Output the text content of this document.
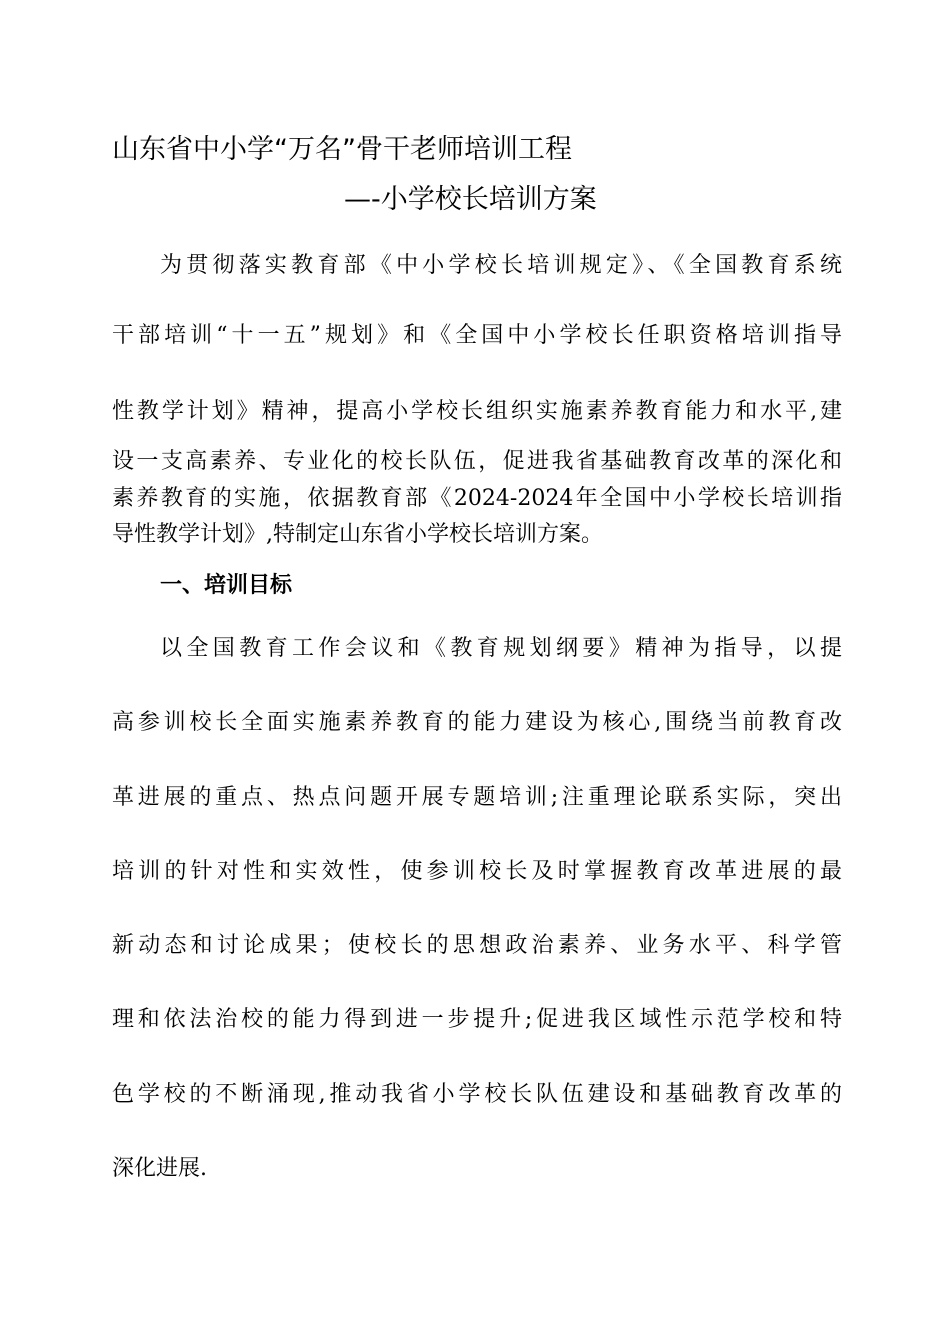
山东省中小学“万名”骨干老师培训工程
—-小学校长培训方案
为贯彻落实教育部《中小学校长培训规定》、《全国教育系统
干部培训“十一五”规划》和《全国中小学校长任职资格培训指导
性教学计划》精神，提高小学校长组织实施素养教育能力和水平,建
设一支高素养、专业化的校长队伍，促进我省基础教育改革的深化和
素养教育的实施，依据教育部《2024-2024年全国中小学校长培训指
导性教学计划》,特制定山东省小学校长培训方案。
一、培训目标
以全国教育工作会议和《教育规划纲要》精神为指导，以提
高参训校长全面实施素养教育的能力建设为核心,围绕当前教育改
革进展的重点、热点问题开展专题培训;注重理论联系实际，突出
培训的针对性和实效性，使参训校长及时掌握教育改革进展的最
新动态和讨论成果；使校长的思想政治素养、业务水平、科学管
理和依法治校的能力得到进一步提升;促进我区域性示范学校和特
色学校的不断涌现,推动我省小学校长队伍建设和基础教育改革的
深化进展.
